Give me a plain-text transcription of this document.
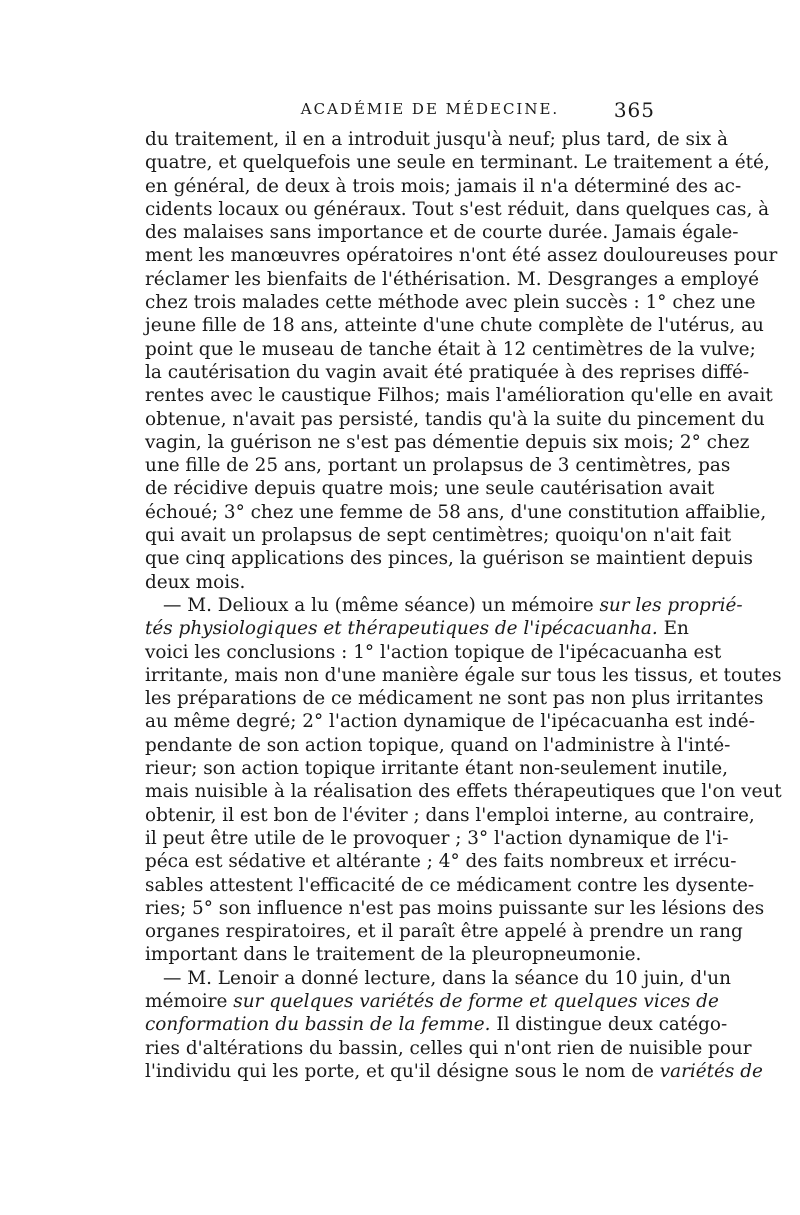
ACADÉMIE DE MÉDECINE.	365
du traitement, il en a introduit jusqu'à neuf; plus tard, de six à
quatre, et quelquefois une seule en terminant. Le traitement a été,
en général, de deux à trois mois; jamais il n'a déterminé des ac-
cidents locaux ou généraux. Tout s'est réduit, dans quelques cas, à
des malaises sans importance et de courte durée. Jamais égale-
ment les manœuvres opératoires n'ont été assez douloureuses pour
réclamer les bienfaits de l'éthérisation. M. Desgranges a employé
chez trois malades cette méthode avec plein succès : 1° chez une
jeune fille de 18 ans, atteinte d'une chute complète de l'utérus, au
point que le museau de tanche était à 12 centimètres de la vulve;
la cautérisation du vagin avait été pratiquée à des reprises diffé-
rentes avec le caustique Filhos; mais l'amélioration qu'elle en avait
obtenue, n'avait pas persisté, tandis qu'à la suite du pincement du
vagin, la guérison ne s'est pas démentie depuis six mois; 2° chez
une fille de 25 ans, portant un prolapsus de 3 centimètres, pas
de récidive depuis quatre mois; une seule cautérisation avait
échoué; 3° chez une femme de 58 ans, d'une constitution affaiblie,
qui avait un prolapsus de sept centimètres; quoiqu'on n'ait fait
que cinq applications des pinces, la guérison se maintient depuis
deux mois.
— M. Delioux a lu (même séance) un mémoire sur les proprié-
tés physiologiques et thérapeutiques de l'ipécacuanha. En
voici les conclusions : 1° l'action topique de l'ipécacuanha est
irritante, mais non d'une manière égale sur tous les tissus, et toutes
les préparations de ce médicament ne sont pas non plus irritantes
au même degré; 2° l'action dynamique de l'ipécacuanha est indé-
pendante de son action topique, quand on l'administre à l'inté-
rieur; son action topique irritante étant non-seulement inutile,
mais nuisible à la réalisation des effets thérapeutiques que l'on veut
obtenir, il est bon de l'éviter ; dans l'emploi interne, au contraire,
il peut être utile de le provoquer ; 3° l'action dynamique de l'i-
péca est sédative et altérante ; 4° des faits nombreux et irrécu-
sables attestent l'efficacité de ce médicament contre les dysente-
ries; 5° son influence n'est pas moins puissante sur les lésions des
organes respiratoires, et il paraît être appelé à prendre un rang
important dans le traitement de la pleuropneumonie.
— M. Lenoir a donné lecture, dans la séance du 10 juin, d'un
mémoire sur quelques variétés de forme et quelques vices de
conformation du bassin de la femme. Il distingue deux catégo-
ries d'altérations du bassin, celles qui n'ont rien de nuisible pour
l'individu qui les porte, et qu'il désigne sous le nom de variétés de
